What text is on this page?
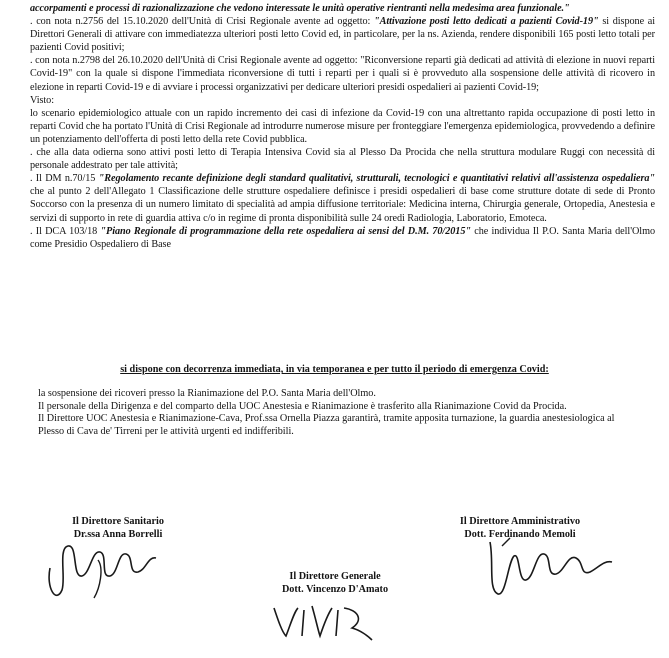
accorpamenti e processi di razionalizzazione che vedono interessate le unità operative rientranti nella medesima area funzionale."

. con nota n.2756 del 15.10.2020 dell'Unità di Crisi Regionale avente ad oggetto: "Attivazione posti letto dedicati a pazienti Covid-19" si dispone ai Direttori Generali di attivare con immediatezza ulteriori posti letto Covid ed, in particolare, per la ns. Azienda, rendere disponibili 165 posti letto totali per pazienti Covid positivi;

. con nota n.2798 del 26.10.2020 dell'Unità di Crisi Regionale avente ad oggetto: "Riconversione reparti già dedicati ad attività di elezione in nuovi reparti Covid-19" con la quale si dispone l'immediata riconversione di tutti i reparti per i quali si è provveduto alla sospensione delle attività di ricovero in elezione in reparti Covid-19 e di avviare i processi organizzativi per dedicare ulteriori presidi ospedalieri ai pazienti Covid-19;

Visto:

lo scenario epidemiologico attuale con un rapido incremento dei casi di infezione da Covid-19 con una altrettanto rapida occupazione di posti letto in reparti Covid che ha portato l'Unità di Crisi Regionale ad introdurre numerose misure per fronteggiare l'emergenza epidemiologica, provvedendo a definire un potenziamento dell'offerta di posti letto della rete Covid pubblica.

. che alla data odierna sono attivi posti letto di Terapia Intensiva Covid sia al Plesso Da Procida che nella struttura modulare Ruggi con necessità di personale addestrato per tale attività;

. Il DM n.70/15 "Regolamento recante definizione degli standard qualitativi, strutturali, tecnologici e quantitativi relativi all'assistenza ospedaliera" che al punto 2 dell'Allegato 1 Classificazione delle strutture ospedaliere definisce i presidi ospedalieri di base come strutture dotate di sede di Pronto Soccorso con la presenza di un numero limitato di specialità ad ampia diffusione territoriale: Medicina interna, Chirurgia generale, Ortopedia, Anestesia e servizi di supporto in rete di guardia attiva c/o in regime di pronta disponibilità sulle 24 oredi Radiologia, Laboratorio, Emoteca.

. Il DCA 103/18 "Piano Regionale di programmazione della rete ospedaliera ai sensi del D.M. 70/2015" che individua Il P.O. Santa Maria dell'Olmo come Presidio Ospedaliero di Base

si dispone con decorrenza immediata, in via temporanea e per tutto il periodo di emergenza Covid:

la sospensione dei ricoveri presso la Rianimazione del P.O. Santa Maria dell'Olmo.

Il personale della Dirigenza e del comparto della UOC Anestesia e Rianimazione è trasferito alla Rianimazione Covid da Procida.

Il Direttore UOC Anestesia e Rianimazione-Cava, Prof.ssa Ornella Piazza garantirà, tramite apposita turnazione, la guardia anestesiologica al Plesso di Cava de' Tirreni per le attività urgenti ed indifferibili.

Il Direttore Sanitario
Dr.ssa Anna Borrelli
Il Direttore Amministrativo
Dott. Ferdinando Memoli
Il Direttore Generale
Dott. Vincenzo D'Amato
